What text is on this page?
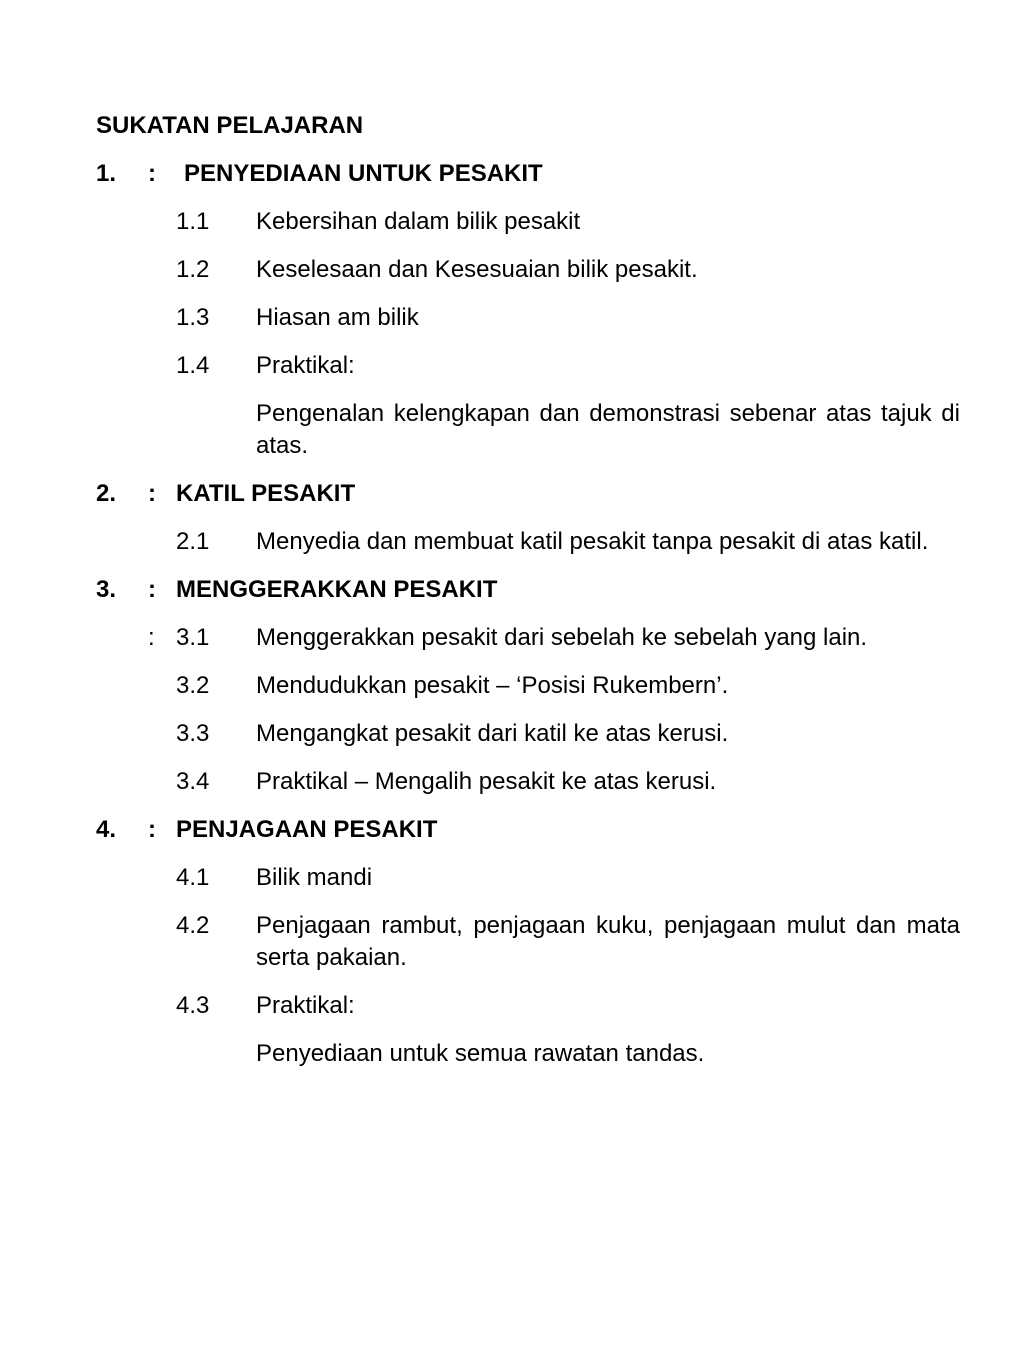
SUKATAN PELAJARAN
1.	:	PENYEDIAAN UNTUK PESAKIT
1.1	Kebersihan dalam bilik pesakit
1.2	Keselesaan dan Kesesuaian bilik pesakit.
1.3	Hiasan am bilik
1.4	Praktikal:
Pengenalan kelengkapan dan demonstrasi sebenar atas tajuk di atas.
2.	: KATIL PESAKIT
2.1	Menyedia dan membuat katil pesakit tanpa pesakit di atas katil.
3.	: MENGGERAKKAN PESAKIT
: 3.1	Menggerakkan pesakit dari sebelah ke sebelah yang lain.
3.2	Mendudukkan pesakit – ‘Posisi Rukembern’.
3.3	Mengangkat pesakit dari katil ke atas kerusi.
3.4	Praktikal – Mengalih pesakit ke atas kerusi.
4.	: PENJAGAAN PESAKIT
4.1	Bilik mandi
4.2	Penjagaan rambut, penjagaan kuku, penjagaan mulut dan mata serta pakaian.
4.3	Praktikal:
Penyediaan untuk semua rawatan tandas.
